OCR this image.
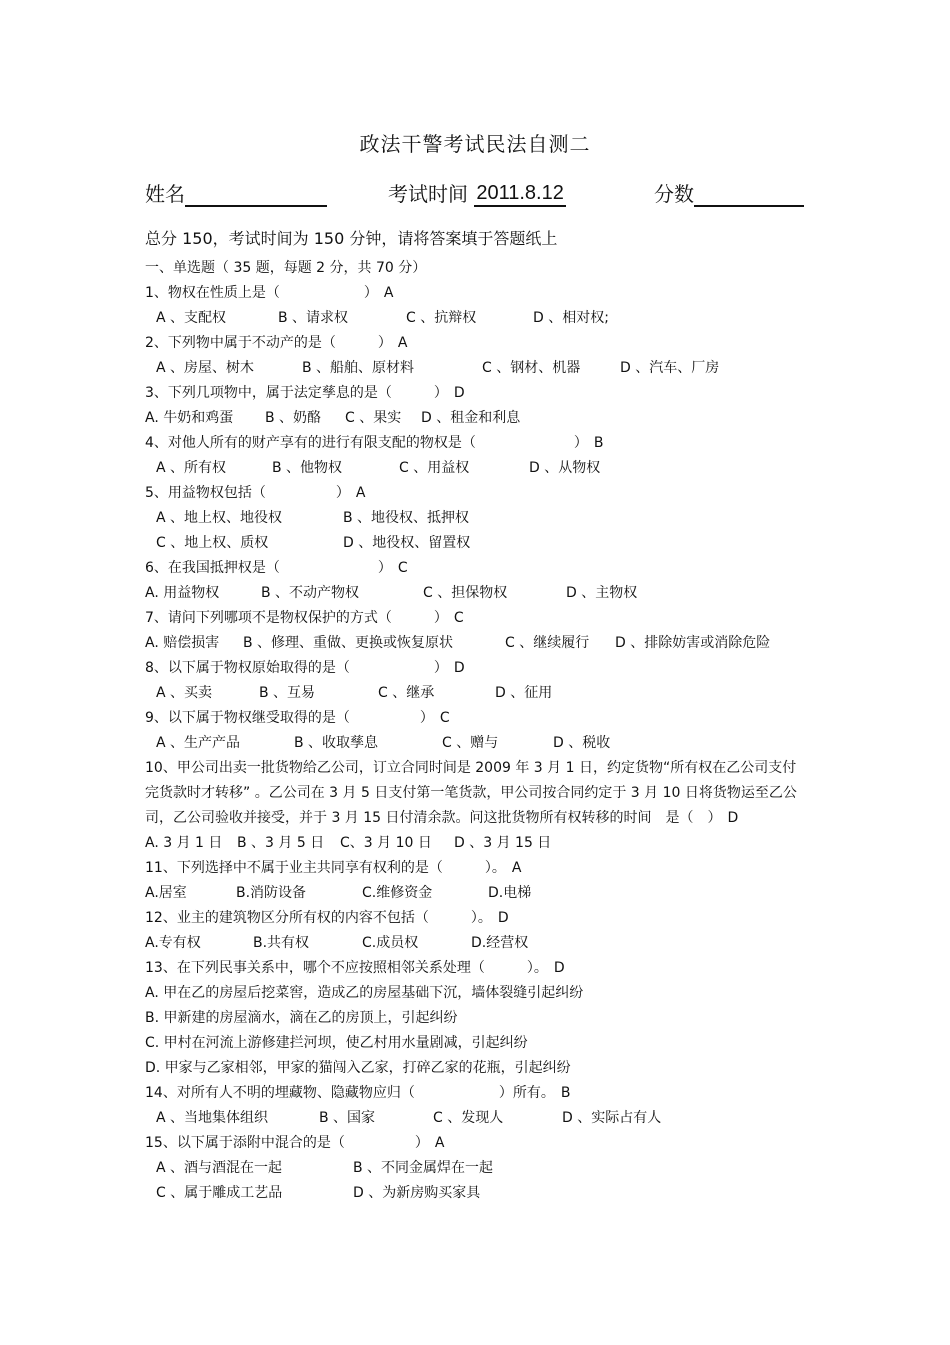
政法干警考试民法自测二
姓名	考试时间 2011.8.12	分数
总分 150，考试时间为 150 分钟，请将答案填于答题纸上
一、单选题（ 35 题，每题 2 分，共 70 分）
1、物权在性质上是（　　　　　　） A
A 、支配权	B 、请求权	C 、抗辩权	D 、相对权;
2、下列物中属于不动产的是（　　　） A
A 、房屋、树木	B 、船舶、原材料	C 、钢材、机器	D 、汽车、厂房
3、下列几项物中，属于法定孳息的是（　　　） D
A. 牛奶和鸡蛋	B 、奶酪	C 、果实	D 、租金和利息
4、对他人所有的财产享有的进行有限支配的物权是（　　　　　　　） B
A 、所有权	B 、他物权	C 、用益权	D 、从物权
5、用益物权包括（　　　　　） A
A 、地上权、地役权	B 、地役权、抵押权
C 、地上权、质权	D 、地役权、留置权
6、在我国抵押权是（　　　　　　　） C
A. 用益物权	B 、不动产物权	C 、担保物权	D 、主物权
7、请问下列哪项不是物权保护的方式（　　　） C
A. 赔偿损害	B 、修理、重做、更换或恢复原状	C 、继续履行	D 、排除妨害或消除危险
8、以下属于物权原始取得的是（　　　　　　） D
A 、买卖	B 、互易	C 、继承	D 、征用
9、以下属于物权继受取得的是（　　　　　） C
A 、生产产品	B 、收取孳息	C 、赠与	D 、税收
10、甲公司出卖一批货物给乙公司，订立合同时间是 2009 年 3 月 1 日，约定货物“所有权在乙公司支付完货款时才转移” 。乙公司在 3 月 5 日支付第一笔货款，甲公司按合同约定于 3 月 10 日将货物运至乙公司，乙公司验收并接受，并于 3 月 15 日付清余款。问这批货物所有权转移的时间　是（　） D
A. 3 月 1 日	B 、3 月 5 日	C、3 月 10 日	D 、3 月 15 日
11、下列选择中不属于业主共同享有权利的是（　　　）。 A
A.居室	B.消防设备	C.维修资金	D.电梯
12、业主的建筑物区分所有权的内容不包括（　　　）。 D
A.专有权	B.共有权	C.成员权	D.经营权
13、在下列民事关系中，哪个不应按照相邻关系处理（　　　）。 D
A. 甲在乙的房屋后挖菜窖，造成乙的房屋基础下沉，墙体裂缝引起纠纷
B. 甲新建的房屋滴水，滴在乙的房顶上，引起纠纷
C. 甲村在河流上游修建拦河坝，使乙村用水量剧减，引起纠纷
D. 甲家与乙家相邻，甲家的猫闯入乙家，打碎乙家的花瓶，引起纠纷
14、对所有人不明的埋藏物、隐藏物应归（　　　　　　）所有。 B
A 、当地集体组织	B 、国家	C 、发现人	D 、实际占有人
15、以下属于添附中混合的是（　　　　　） A
A 、酒与酒混在一起	B 、不同金属焊在一起
C 、属于雕成工艺品	D 、为新房购买家具
